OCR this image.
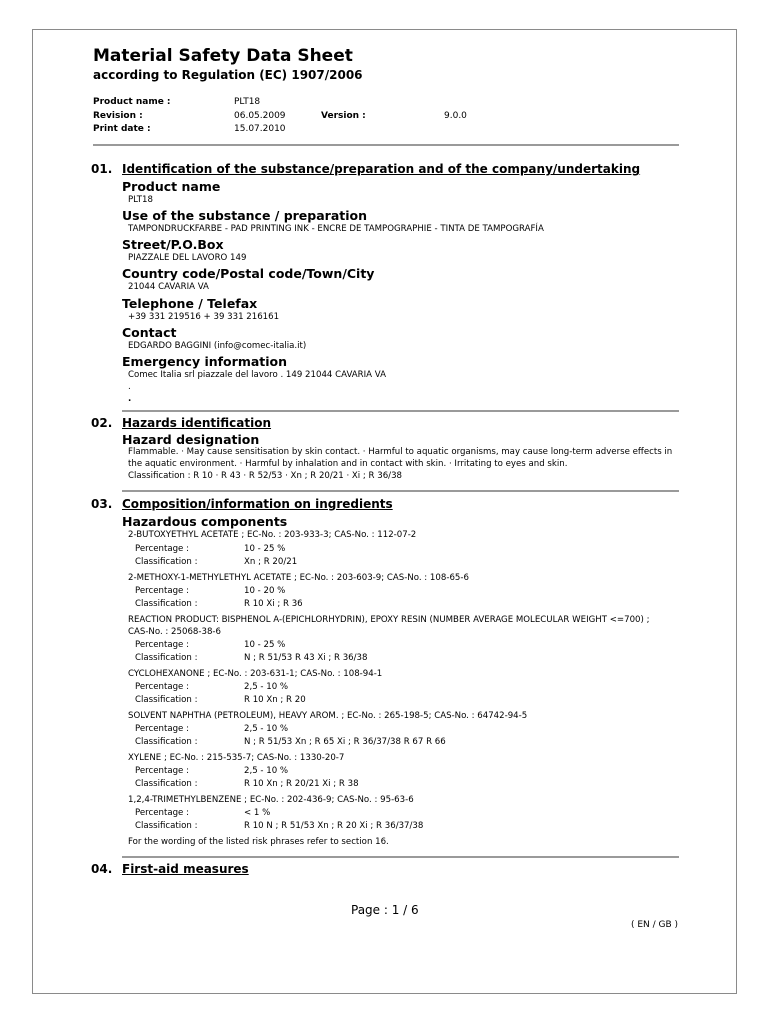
Material Safety Data Sheet
according to Regulation (EC) 1907/2006
Product name :	PLT18
Revision :	06.05.2009	Version :	9.0.0
Print date :	15.07.2010
01. Identification of the substance/preparation and of the company/undertaking
Product name
PLT18
Use of the substance / preparation
TAMPONDRUCKFARBE - PAD PRINTING INK - ENCRE DE TAMPOGRAPHIE - TINTA DE TAMPOGRAFÍA
Street/P.O.Box
PIAZZALE DEL LAVORO 149
Country code/Postal code/Town/City
21044 CAVARIA VA
Telephone / Telefax
+39 331 219516 + 39 331 216161
Contact
EDGARDO BAGGINI (info@comec-italia.it)
Emergency information
Comec Italia srl piazzale del lavoro . 149 21044 CAVARIA VA
.
.
02. Hazards identification
Hazard designation
Flammable. · May cause sensitisation by skin contact. · Harmful to aquatic organisms, may cause long-term adverse effects in
the aquatic environment. · Harmful by inhalation and in contact with skin. · Irritating to eyes and skin.
Classification : R 10 · R 43 · R 52/53 · Xn ; R 20/21 · Xi ; R 36/38
03. Composition/information on ingredients
Hazardous components
2-BUTOXYETHYL ACETATE ; EC-No. : 203-933-3; CAS-No. : 112-07-2
Percentage :	10 - 25 %
Classification :	Xn ; R 20/21
2-METHOXY-1-METHYLETHYL ACETATE ; EC-No. : 203-603-9; CAS-No. : 108-65-6
Percentage :	10 - 20 %
Classification :	R 10 Xi ; R 36
REACTION PRODUCT: BISPHENOL A-(EPICHLORHYDRIN), EPOXY RESIN (NUMBER AVERAGE MOLECULAR WEIGHT <=700) ;
CAS-No. : 25068-38-6
Percentage :	10 - 25 %
Classification :	N ; R 51/53 R 43 Xi ; R 36/38
CYCLOHEXANONE ; EC-No. : 203-631-1; CAS-No. : 108-94-1
Percentage :	2,5 - 10 %
Classification :	R 10 Xn ; R 20
SOLVENT NAPHTHA (PETROLEUM), HEAVY AROM. ; EC-No. : 265-198-5; CAS-No. : 64742-94-5
Percentage :	2,5 - 10 %
Classification :	N ; R 51/53 Xn ; R 65 Xi ; R 36/37/38 R 67 R 66
XYLENE ; EC-No. : 215-535-7; CAS-No. : 1330-20-7
Percentage :	2,5 - 10 %
Classification :	R 10 Xn ; R 20/21 Xi ; R 38
1,2,4-TRIMETHYLBENZENE ; EC-No. : 202-436-9; CAS-No. : 95-63-6
Percentage :	< 1 %
Classification :	R 10 N ; R 51/53 Xn ; R 20 Xi ; R 36/37/38
For the wording of the listed risk phrases refer to section 16.
04. First-aid measures
Page : 1 / 6
( EN / GB )
